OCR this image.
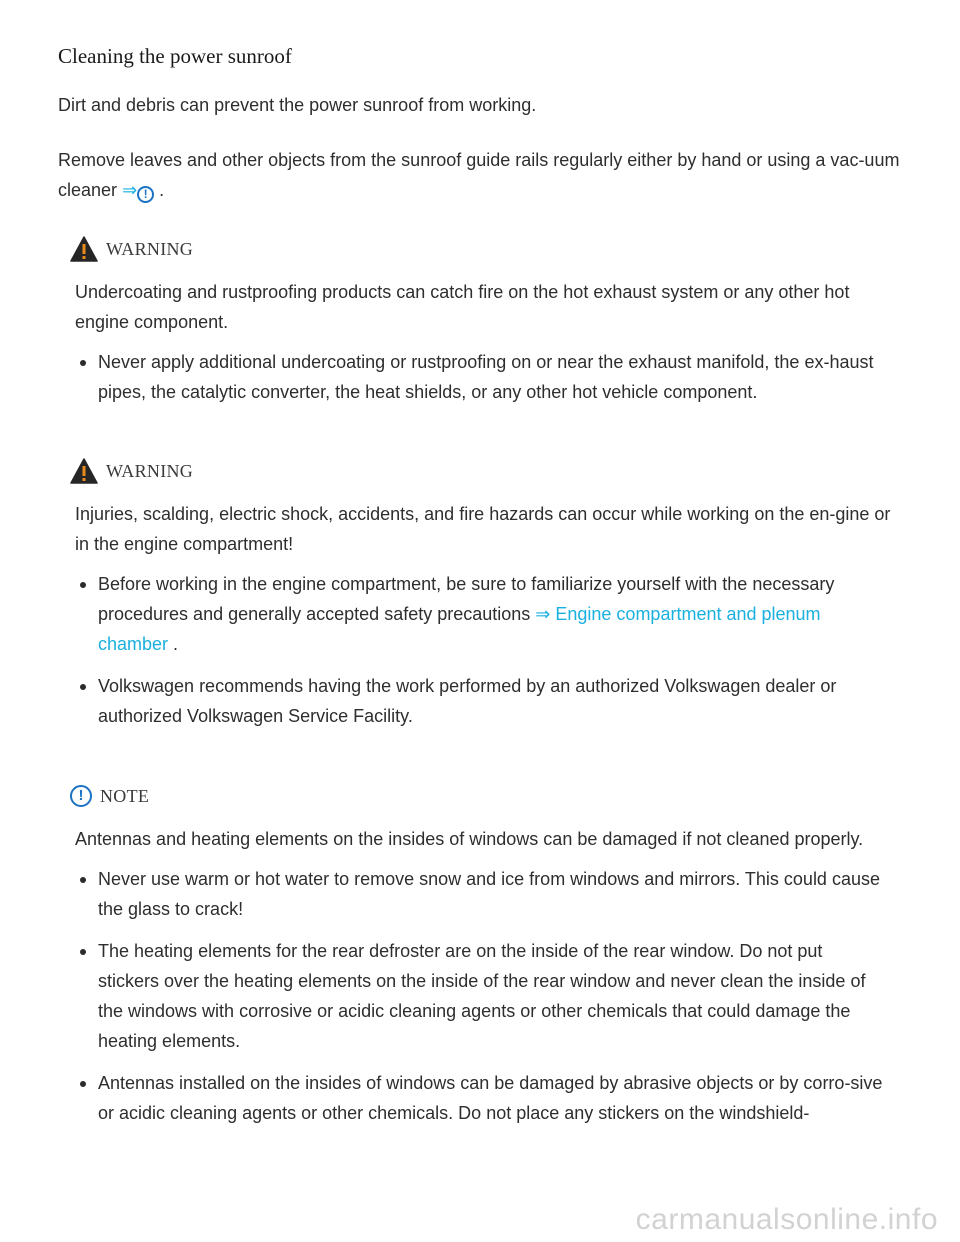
Cleaning the power sunroof

Dirt and debris can prevent the power sunroof from working.

Remove leaves and other objects from the sunroof guide rails regularly either by hand or using a vac-uum cleaner ⇒ ! .

WARNING

Undercoating and rustproofing products can catch fire on the hot exhaust system or any other hot engine component.

Never apply additional undercoating or rustproofing on or near the exhaust manifold, the ex-haust pipes, the catalytic converter, the heat shields, or any other hot vehicle component.
WARNING

Injuries, scalding, electric shock, accidents, and fire hazards can occur while working on the en-gine or in the engine compartment!

Before working in the engine compartment, be sure to familiarize yourself with the necessary procedures and generally accepted safety precautions ⇒ Engine compartment and plenum chamber .
Volkswagen recommends having the work performed by an authorized Volkswagen dealer or authorized Volkswagen Service Facility.
! NOTE

Antennas and heating elements on the insides of windows can be damaged if not cleaned properly.

Never use warm or hot water to remove snow and ice from windows and mirrors. This could cause the glass to crack!
The heating elements for the rear defroster are on the inside of the rear window. Do not put stickers over the heating elements on the inside of the rear window and never clean the inside of the windows with corrosive or acidic cleaning agents or other chemicals that could damage the heating elements.
Antennas installed on the insides of windows can be damaged by abrasive objects or by corro-sive or acidic cleaning agents or other chemicals. Do not place any stickers on the windshield-
carmanualsonline.info
